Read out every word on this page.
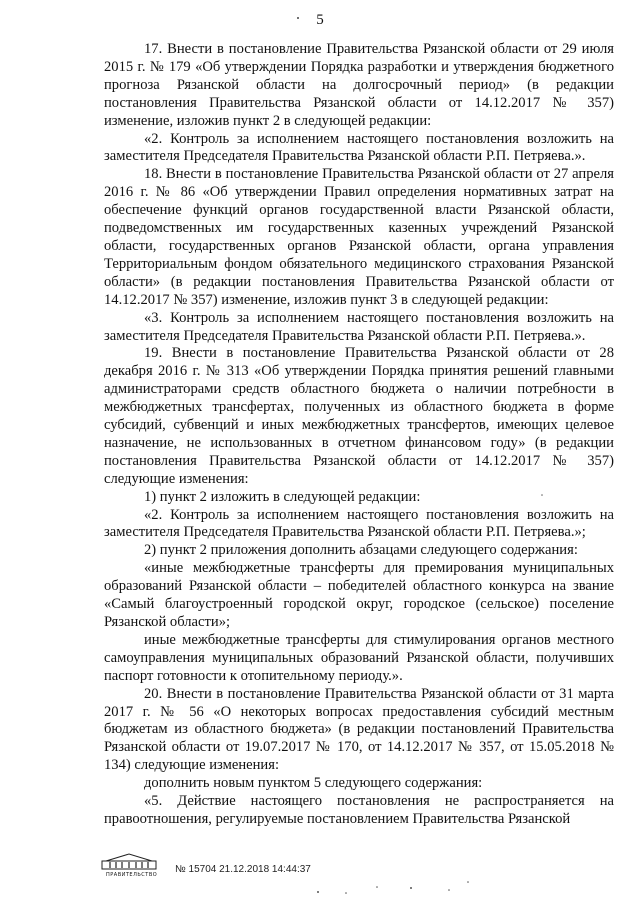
5

17. Внести в постановление Правительства Рязанской области от 29 июля 2015 г. № 179 «Об утверждении Порядка разработки и утверждения бюджетного прогноза Рязанской области на долгосрочный период» (в редакции постановления Правительства Рязанской области от 14.12.2017 № 357) изменение, изложив пункт 2 в следующей редакции:

«2. Контроль за исполнением настоящего постановления возложить на заместителя Председателя Правительства Рязанской области Р.П. Петряева.».

18. Внести в постановление Правительства Рязанской области от 27 апреля 2016 г. № 86 «Об утверждении Правил определения нормативных затрат на обеспечение функций органов государственной власти Рязанской области, подведомственных им государственных казенных учреждений Рязанской области, государственных органов Рязанской области, органа управления Территориальным фондом обязательного медицинского страхования Рязанской области» (в редакции постановления Правительства Рязанской области от 14.12.2017 № 357) изменение, изложив пункт 3 в следующей редакции:

«3. Контроль за исполнением настоящего постановления возложить на заместителя Председателя Правительства Рязанской области Р.П. Петряева.».

19. Внести в постановление Правительства Рязанской области от 28 декабря 2016 г. № 313 «Об утверждении Порядка принятия решений главными администраторами средств областного бюджета о наличии потребности в межбюджетных трансфертах, полученных из областного бюджета в форме субсидий, субвенций и иных межбюджетных трансфертов, имеющих целевое назначение, не использованных в отчетном финансовом году» (в редакции постановления Правительства Рязанской области от 14.12.2017 № 357) следующие изменения:

1) пункт 2 изложить в следующей редакции:

«2. Контроль за исполнением настоящего постановления возложить на заместителя Председателя Правительства Рязанской области Р.П. Петряева.»;

2) пункт 2 приложения дополнить абзацами следующего содержания:

«иные межбюджетные трансферты для премирования муниципальных образований Рязанской области – победителей областного конкурса на звание «Самый благоустроенный городской округ, городское (сельское) поселение Рязанской области»;

иные межбюджетные трансферты для стимулирования органов местного самоуправления муниципальных образований Рязанской области, получивших паспорт готовности к отопительному периоду.».

20. Внести в постановление Правительства Рязанской области от 31 марта 2017 г. № 56 «О некоторых вопросах предоставления субсидий местным бюджетам из областного бюджета» (в редакции постановлений Правительства Рязанской области от 19.07.2017 № 170, от 14.12.2017 № 357, от 15.05.2018 № 134) следующие изменения:

дополнить новым пунктом 5 следующего содержания:

«5. Действие настоящего постановления не распространяется на правоотношения, регулируемые постановлением Правительства Рязанской

ПРАВИТЕЛЬСТВО № 15704 21.12.2018 14:44:37
